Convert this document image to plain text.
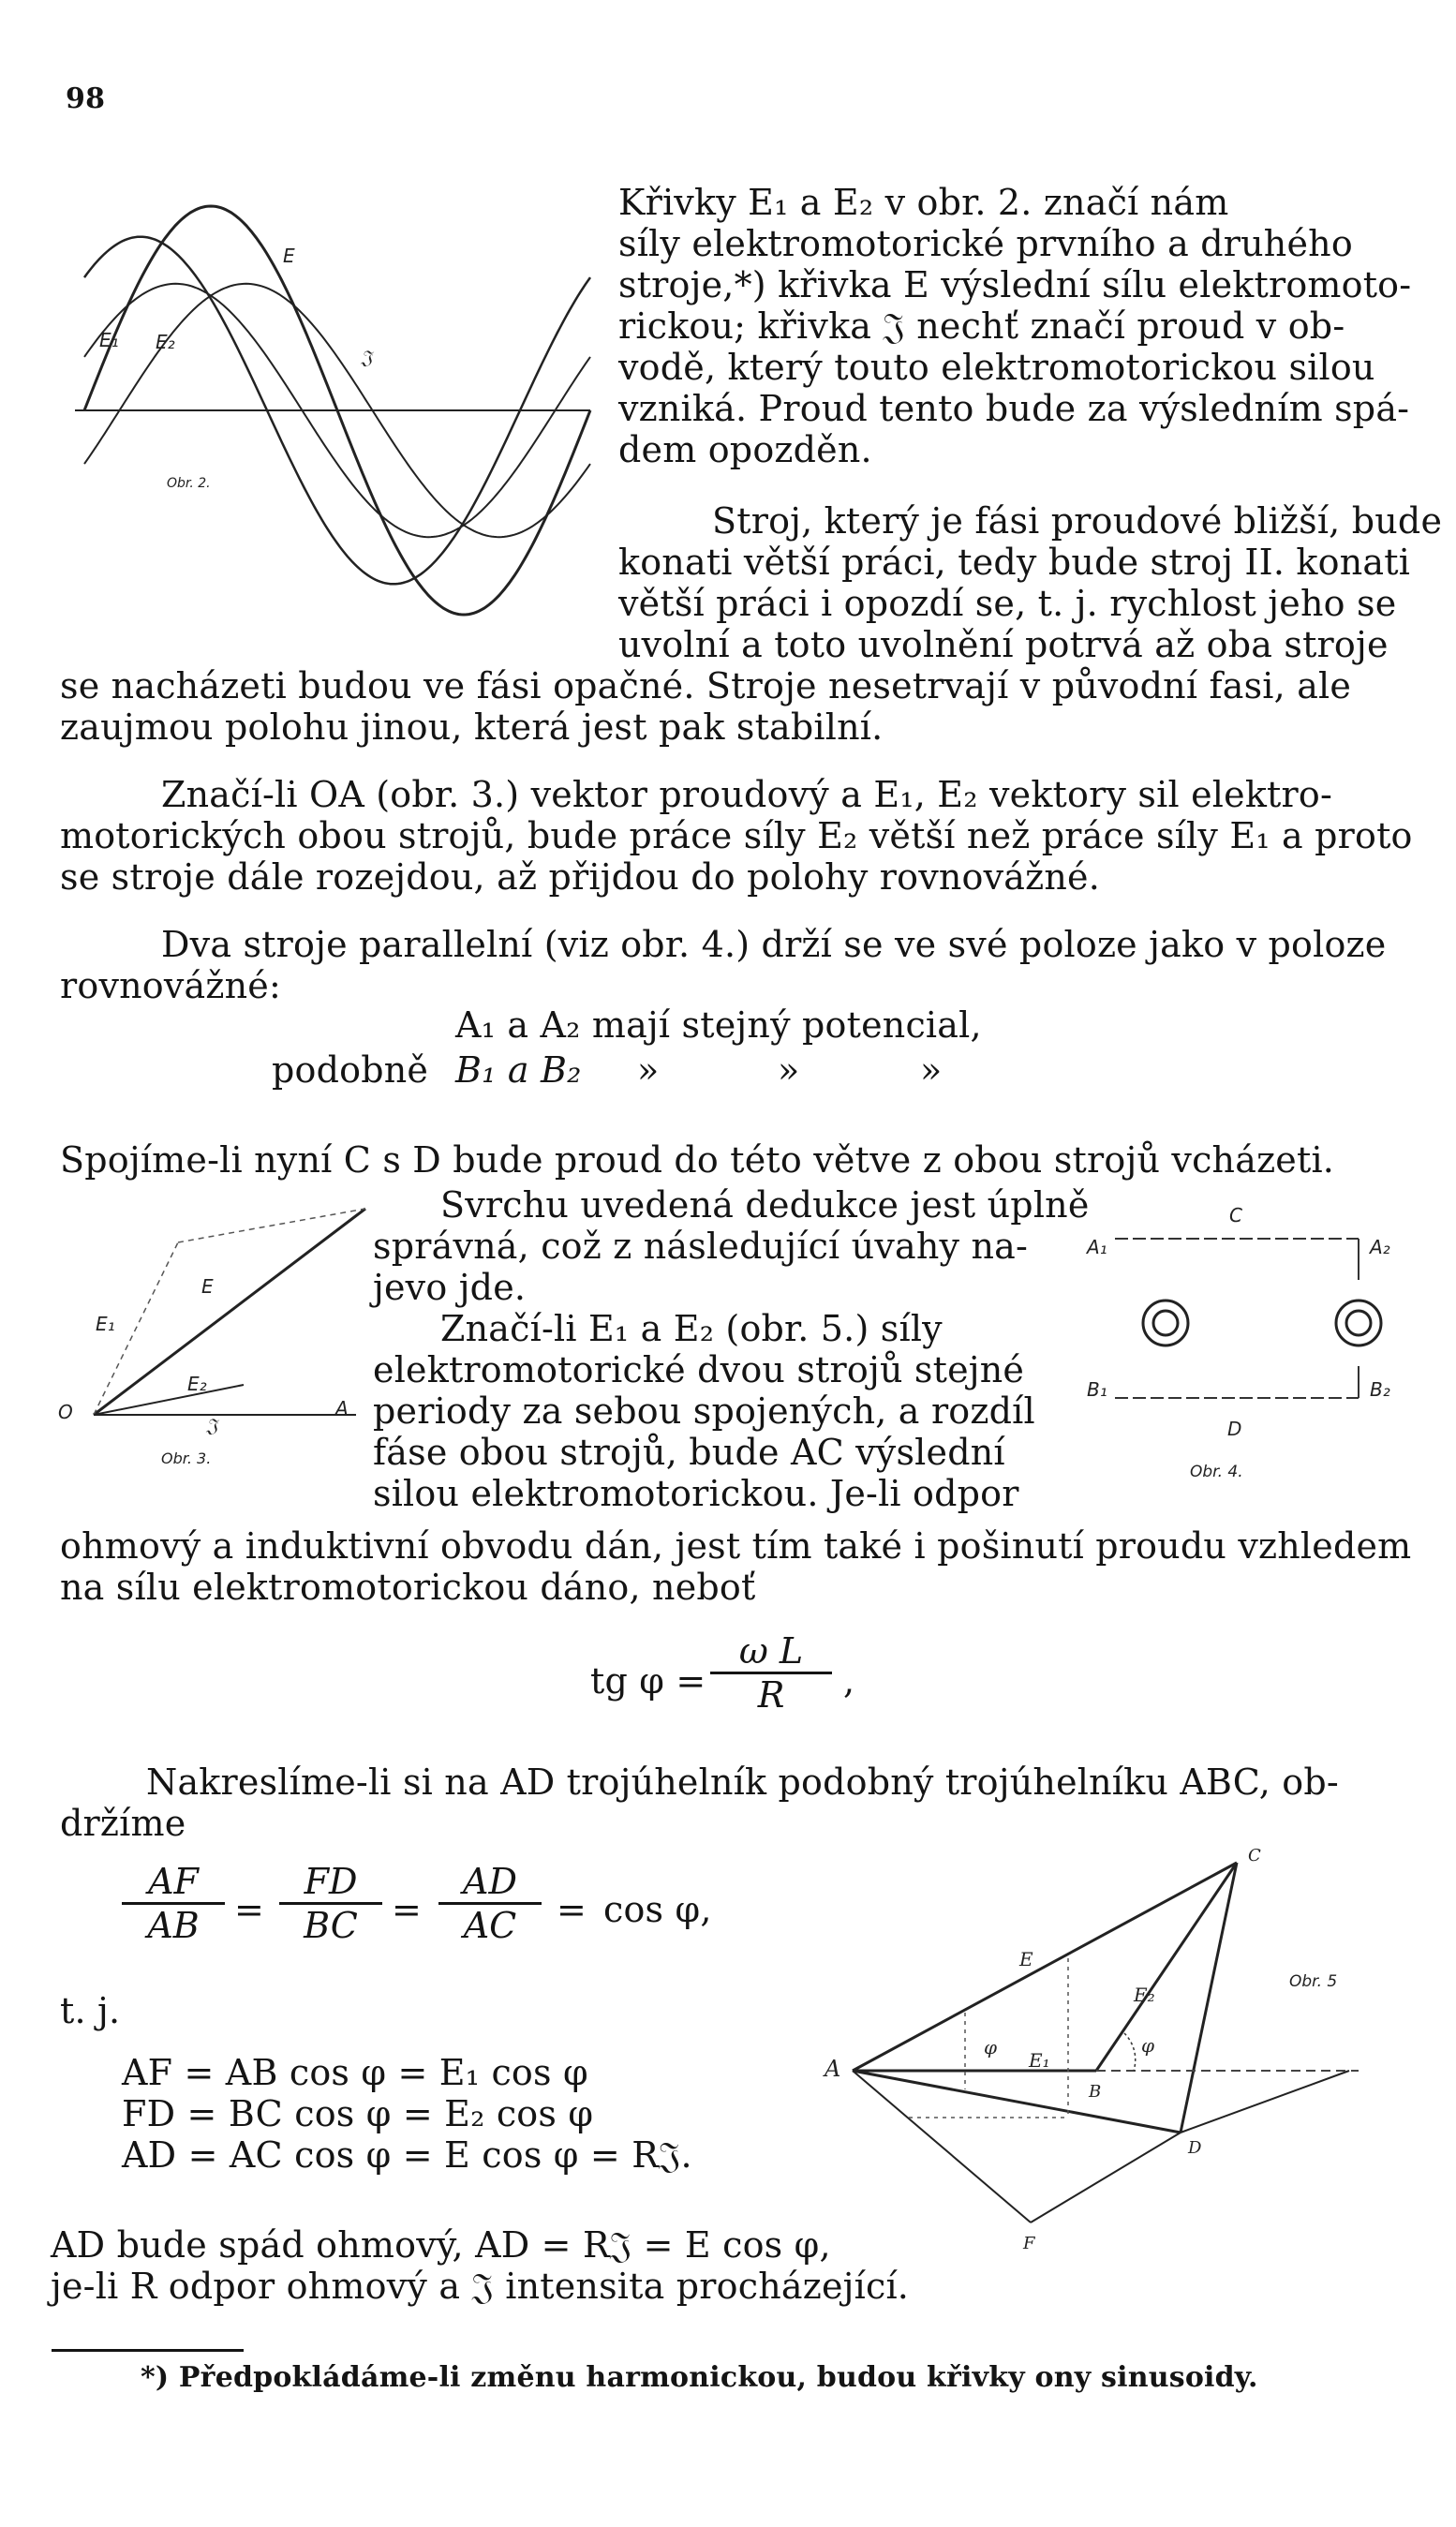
98
E
E₁ E₂
𝔍
Obr. 2.
Křivky E₁ a E₂ v obr. 2. značí nám
síly elektromotorické prvního a druhého
stroje,*) křivka E výslední sílu elektromoto-
rickou; křivka 𝔍 nechť značí proud v ob-
vodě, který touto elektromotorickou silou
vzniká. Proud tento bude za výsledním spá-
dem opozděn.
Stroj, který je fási proudové bližší, bude
konati větší práci, tedy bude stroj II. konati
větší práci i opozdí se, t. j. rychlost jeho se
uvolní a toto uvolnění potrvá až oba stroje
se nacházeti budou ve fási opačné. Stroje nesetrvají v původní fasi, ale
zaujmou polohu jinou, která jest pak stabilní.
Značí-li OA (obr. 3.) vektor proudový a E₁, E₂ vektory sil elektro-
motorických obou strojů, bude práce síly E₂ větší než práce síly E₁ a proto
se stroje dále rozejdou, až přijdou do polohy rovnovážné.
Dva stroje parallelní (viz obr. 4.) drží se ve své poloze jako v poloze
rovnovážné:
A₁ a A₂ mají stejný potencial,
podobně B₁ a B₂ »	»	»
Spojíme-li nyní C s D bude proud do této větve z obou strojů vcházeti.
O	A
E
E₁
E₂
𝔍
Obr. 3.
Svrchu uvedená dedukce jest úplně
správná, což z následující úvahy na-
jevo jde.
Značí-li E₁ a E₂ (obr. 5.) síly
elektromotorické dvou strojů stejné
periody za sebou spojených, a rozdíl
fáse obou strojů, bude AC výslední
silou elektromotorickou. Je-li odpor
C
A₁	A₂
B₁	B₂
D
Obr. 4.
ohmový a induktivní obvodu dán, jest tím také i pošinutí proudu vzhledem
na sílu elektromotorickou dáno, neboť
tg φ =
ω L
R ,
Nakreslíme-li si na AD trojúhelník podobný trojúhelníku ABC, ob-
držíme
AF
AB =
FD
BC =
AD
AC = cos φ,
t. j.
AF = AB cos φ = E₁ cos φ
FD = BC cos φ = E₂ cos φ
AD = AC cos φ = E cos φ = R𝔍.
A
B
C
D
E
E₁
E₂
F
φ	φ
Obr. 5
AD bude spád ohmový, AD = R𝔍 = E cos φ,
je-li R odpor ohmový a 𝔍 intensita procházející.
*) Předpokládáme-li změnu harmonickou, budou křivky ony sinusoidy.
